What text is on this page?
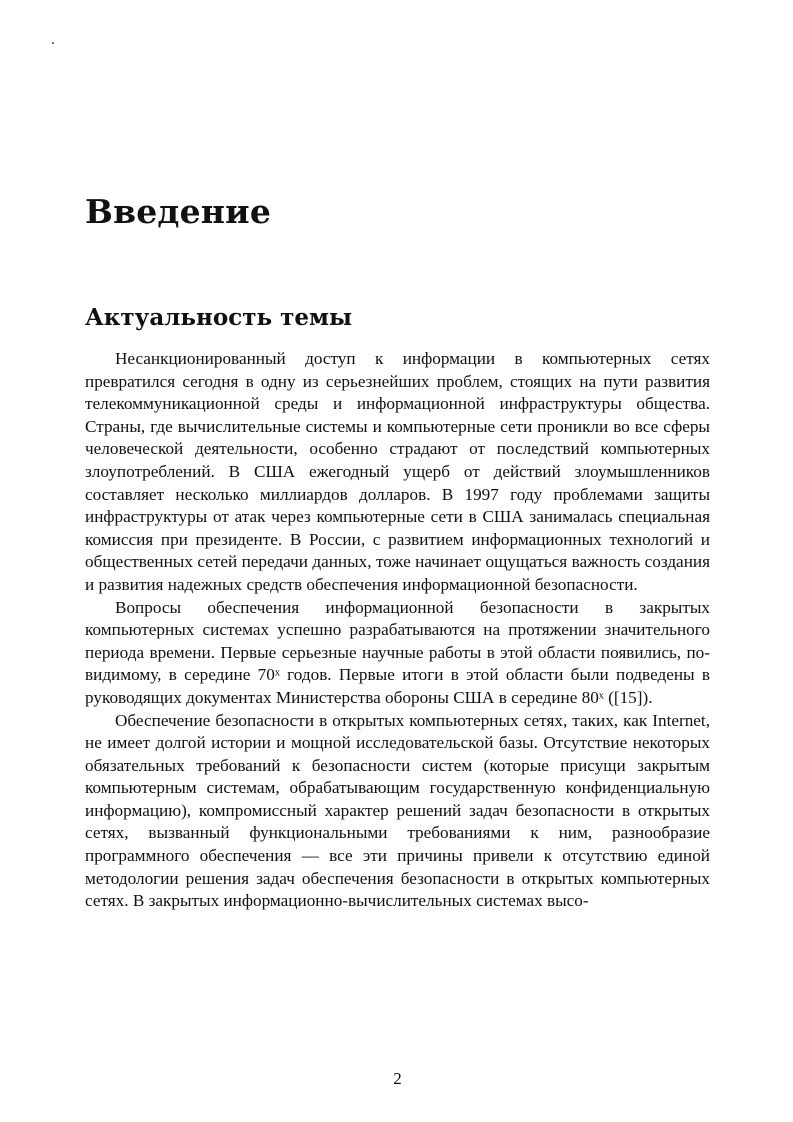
Введение
Актуальность темы

Несанкционированный доступ к информации в компьютерных сетях превратился сегодня в одну из серьезнейших проблем, стоящих на пути развития телекоммуникационной среды и информационной инфраструктуры общества. Страны, где вычислительные системы и компьютерные сети проникли во все сферы человеческой деятельности, особенно страдают от последствий компьютерных злоупотреблений. В США ежегодный ущерб от действий злоумышленников составляет несколько миллиардов долларов. В 1997 году проблемами защиты инфраструктуры от атак через компьютерные сети в США занималась специальная комиссия при президенте. В России, с развитием информационных технологий и общественных сетей передачи данных, тоже начинает ощущаться важность создания и развития надежных средств обеспечения информационной безопасности.

Вопросы обеспечения информационной безопасности в закрытых компьютерных системах успешно разрабатываются на протяжении значительного периода времени. Первые серьезные научные работы в этой области появились, по-видимому, в середине 70ˣ годов. Первые итоги в этой области были подведены в руководящих документах Министерства обороны США в середине 80ˣ ([15]).

Обеспечение безопасности в открытых компьютерных сетях, таких, как Internet, не имеет долгой истории и мощной исследовательской базы. Отсутствие некоторых обязательных требований к безопасности систем (которые присущи закрытым компьютерным системам, обрабатывающим государственную конфиденциальную информацию), компромиссный характер решений задач безопасности в открытых сетях, вызванный функциональными требованиями к ним, разнообразие программного обеспечения — все эти причины привели к отсутствию единой методологии решения задач обеспечения безопасности в открытых компьютерных сетях. В закрытых информационно-вычислительных системах высо-

2
